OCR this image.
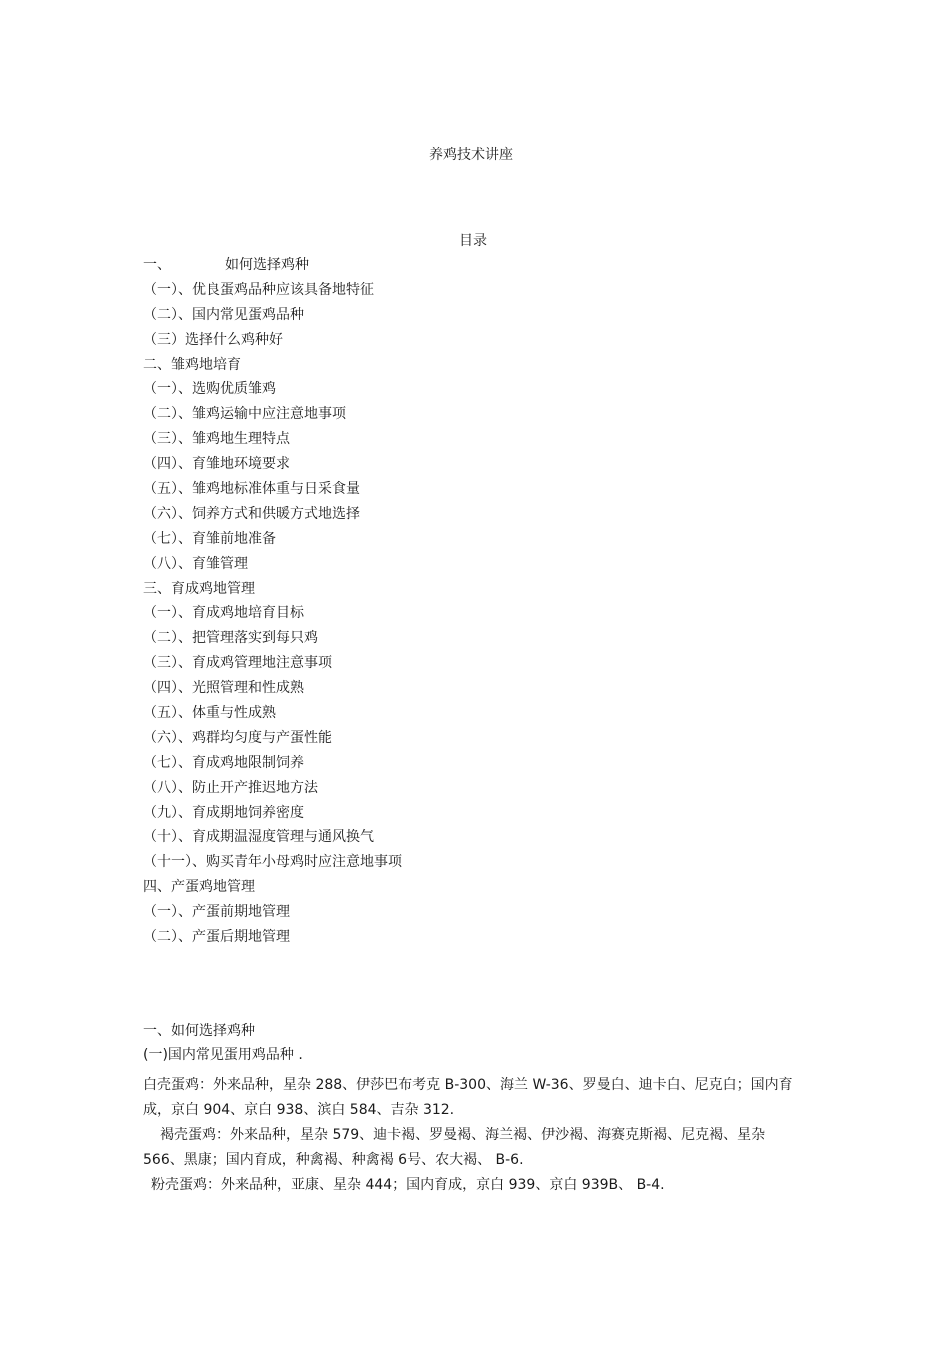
养鸡技术讲座
目录
一、	如何选择鸡种
（一）、优良蛋鸡品种应该具备地特征
（二）、国内常见蛋鸡品种
（三）选择什么鸡种好
二、雏鸡地培育
（一）、选购优质雏鸡
（二）、雏鸡运输中应注意地事项
（三）、雏鸡地生理特点
（四）、育雏地环境要求
（五）、雏鸡地标准体重与日采食量
（六）、饲养方式和供暖方式地选择
（七）、育雏前地准备
（八）、育雏管理
三、育成鸡地管理
（一）、育成鸡地培育目标
（二）、把管理落实到每只鸡
（三）、育成鸡管理地注意事项
（四）、光照管理和性成熟
（五）、体重与性成熟
（六）、鸡群均匀度与产蛋性能
（七）、育成鸡地限制饲养
（八）、防止开产推迟地方法
（九）、育成期地饲养密度
（十）、育成期温湿度管理与通风换气
（十一）、购买青年小母鸡时应注意地事项
四、产蛋鸡地管理
（一）、产蛋前期地管理
（二）、产蛋后期地管理
一、如何选择鸡种
(一)国内常见蛋用鸡品种 .

白壳蛋鸡：外来品种，星杂 288、伊莎巴布考克 B-300、海兰 W-36、罗曼白、迪卡白、尼克白；国内育成，京白 904、京白 938、滨白 584、吉杂 312.

褐壳蛋鸡：外来品种，星杂 579、迪卡褐、罗曼褐、海兰褐、伊沙褐、海赛克斯褐、尼克褐、星杂 566、黑康；国内育成，种禽褐、种禽褐 6号、农大褐、 B-6.

粉壳蛋鸡：外来品种，亚康、星杂 444；国内育成，京白 939、京白 939B、 B-4.
